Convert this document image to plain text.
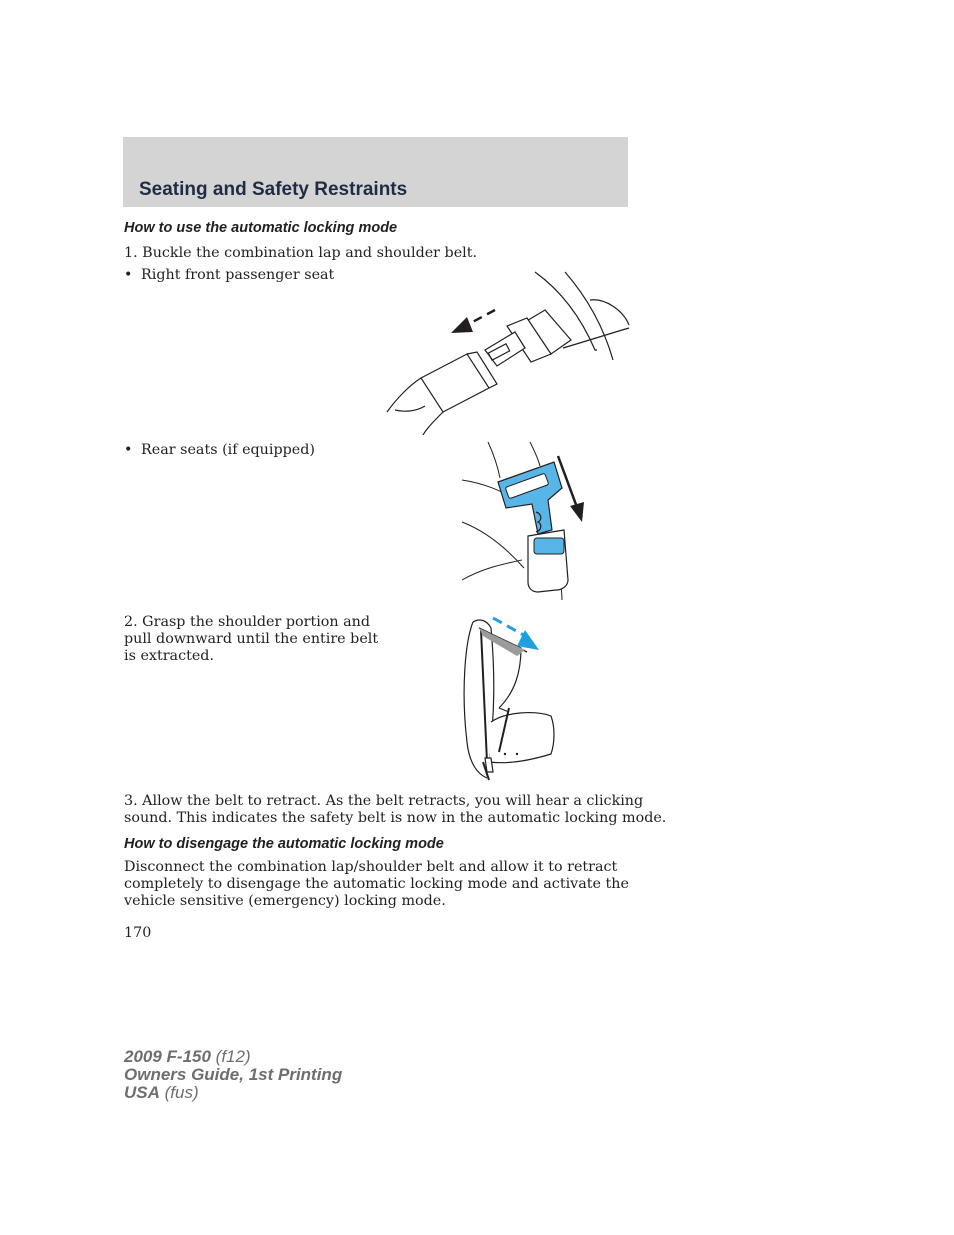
Seating and Safety Restraints
How to use the automatic locking mode
1. Buckle the combination lap and shoulder belt.
• Right front passenger seat
• Rear seats (if equipped)
2. Grasp the shoulder portion and
pull downward until the entire belt
is extracted.
3. Allow the belt to retract. As the belt retracts, you will hear a clicking
sound. This indicates the safety belt is now in the automatic locking mode.
How to disengage the automatic locking mode
Disconnect the combination lap/shoulder belt and allow it to retract
completely to disengage the automatic locking mode and activate the
vehicle sensitive (emergency) locking mode.
170
2009 F-150 (f12)
Owners Guide, 1st Printing
USA (fus)
